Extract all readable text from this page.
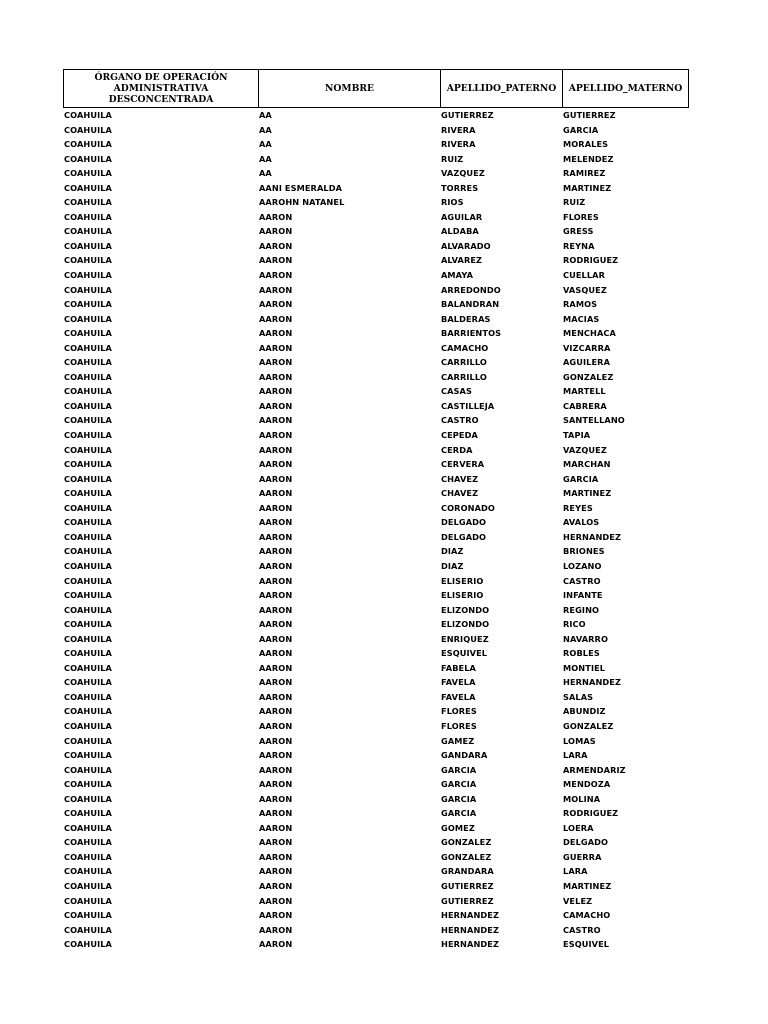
ÓRGANO DE OPERACIÓN ADMINISTRATIVA DESCONCENTRADA	NOMBRE	APELLIDO_PATERNO	APELLIDO_MATERNO
COAHUILA	AA	GUTIERREZ	GUTIERREZ
COAHUILA	AA	RIVERA	GARCIA
COAHUILA	AA	RIVERA	MORALES
COAHUILA	AA	RUIZ	MELENDEZ
COAHUILA	AA	VAZQUEZ	RAMIREZ
COAHUILA	AANI ESMERALDA	TORRES	MARTINEZ
COAHUILA	AAROHN NATANEL	RIOS	RUIZ
COAHUILA	AARON	AGUILAR	FLORES
COAHUILA	AARON	ALDABA	GRESS
COAHUILA	AARON	ALVARADO	REYNA
COAHUILA	AARON	ALVAREZ	RODRIGUEZ
COAHUILA	AARON	AMAYA	CUELLAR
COAHUILA	AARON	ARREDONDO	VASQUEZ
COAHUILA	AARON	BALANDRAN	RAMOS
COAHUILA	AARON	BALDERAS	MACIAS
COAHUILA	AARON	BARRIENTOS	MENCHACA
COAHUILA	AARON	CAMACHO	VIZCARRA
COAHUILA	AARON	CARRILLO	AGUILERA
COAHUILA	AARON	CARRILLO	GONZALEZ
COAHUILA	AARON	CASAS	MARTELL
COAHUILA	AARON	CASTILLEJA	CABRERA
COAHUILA	AARON	CASTRO	SANTELLANO
COAHUILA	AARON	CEPEDA	TAPIA
COAHUILA	AARON	CERDA	VAZQUEZ
COAHUILA	AARON	CERVERA	MARCHAN
COAHUILA	AARON	CHAVEZ	GARCIA
COAHUILA	AARON	CHAVEZ	MARTINEZ
COAHUILA	AARON	CORONADO	REYES
COAHUILA	AARON	DELGADO	AVALOS
COAHUILA	AARON	DELGADO	HERNANDEZ
COAHUILA	AARON	DIAZ	BRIONES
COAHUILA	AARON	DIAZ	LOZANO
COAHUILA	AARON	ELISERIO	CASTRO
COAHUILA	AARON	ELISERIO	INFANTE
COAHUILA	AARON	ELIZONDO	REGINO
COAHUILA	AARON	ELIZONDO	RICO
COAHUILA	AARON	ENRIQUEZ	NAVARRO
COAHUILA	AARON	ESQUIVEL	ROBLES
COAHUILA	AARON	FABELA	MONTIEL
COAHUILA	AARON	FAVELA	HERNANDEZ
COAHUILA	AARON	FAVELA	SALAS
COAHUILA	AARON	FLORES	ABUNDIZ
COAHUILA	AARON	FLORES	GONZALEZ
COAHUILA	AARON	GAMEZ	LOMAS
COAHUILA	AARON	GANDARA	LARA
COAHUILA	AARON	GARCIA	ARMENDARIZ
COAHUILA	AARON	GARCIA	MENDOZA
COAHUILA	AARON	GARCIA	MOLINA
COAHUILA	AARON	GARCIA	RODRIGUEZ
COAHUILA	AARON	GOMEZ	LOERA
COAHUILA	AARON	GONZALEZ	DELGADO
COAHUILA	AARON	GONZALEZ	GUERRA
COAHUILA	AARON	GRANDARA	LARA
COAHUILA	AARON	GUTIERREZ	MARTINEZ
COAHUILA	AARON	GUTIERREZ	VELEZ
COAHUILA	AARON	HERNANDEZ	CAMACHO
COAHUILA	AARON	HERNANDEZ	CASTRO
COAHUILA	AARON	HERNANDEZ	ESQUIVEL
